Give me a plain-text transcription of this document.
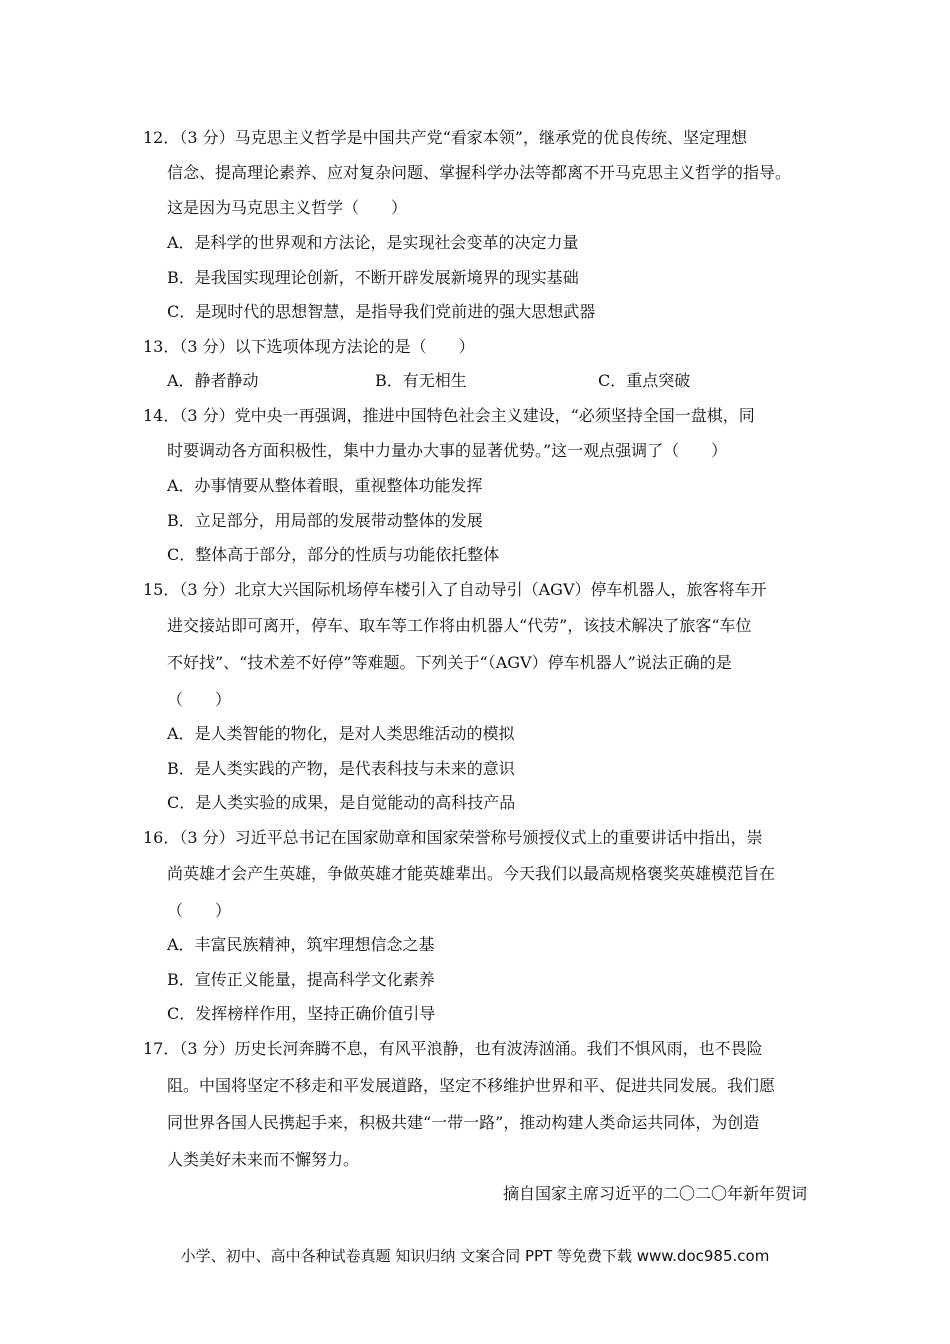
12．（3 分）马克思主义哲学是中国共产党“看家本领”，继承党的优良传统、坚定理想
信念、提高理论素养、应对复杂问题、掌握科学办法等都离不开马克思主义哲学的指导。
这是因为马克思主义哲学（　　）
A．是科学的世界观和方法论，是实现社会变革的决定力量
B．是我国实现理论创新，不断开辟发展新境界的现实基础
C．是现时代的思想智慧，是指导我们党前进的强大思想武器
13．（3 分）以下选项体现方法论的是（　　）
A．静者静动	B．有无相生	C．重点突破
14．（3 分）党中央一再强调，推进中国特色社会主义建设，“必须坚持全国一盘棋，同
时要调动各方面积极性，集中力量办大事的显著优势。”这一观点强调了（　　）
A．办事情要从整体着眼，重视整体功能发挥
B．立足部分，用局部的发展带动整体的发展
C．整体高于部分，部分的性质与功能依托整体
15．（3 分）北京大兴国际机场停车楼引入了自动导引（AGV）停车机器人，旅客将车开
进交接站即可离开，停车、取车等工作将由机器人“代劳”，该技术解决了旅客“车位
不好找”、“技术差不好停”等难题。下列关于“（AGV）停车机器人”说法正确的是
（　　）
A．是人类智能的物化，是对人类思维活动的模拟
B．是人类实践的产物，是代表科技与未来的意识
C．是人类实验的成果，是自觉能动的高科技产品
16．（3 分）习近平总书记在国家勋章和国家荣誉称号颁授仪式上的重要讲话中指出，崇
尚英雄才会产生英雄，争做英雄才能英雄辈出。今天我们以最高规格褒奖英雄模范旨在
（　　）
A．丰富民族精神，筑牢理想信念之基
B．宣传正义能量，提高科学文化素养
C．发挥榜样作用，坚持正确价值引导
17．（3 分）历史长河奔腾不息，有风平浪静，也有波涛汹涌。我们不惧风雨，也不畏险
阻。中国将坚定不移走和平发展道路，坚定不移维护世界和平、促进共同发展。我们愿
同世界各国人民携起手来，积极共建“一带一路”，推动构建人类命运共同体，为创造
人类美好未来而不懈努力。
摘自国家主席习近平的二〇二〇年新年贺词
小学、初中、高中各种试卷真题 知识归纳 文案合同 PPT 等免费下载 www.doc985.com
